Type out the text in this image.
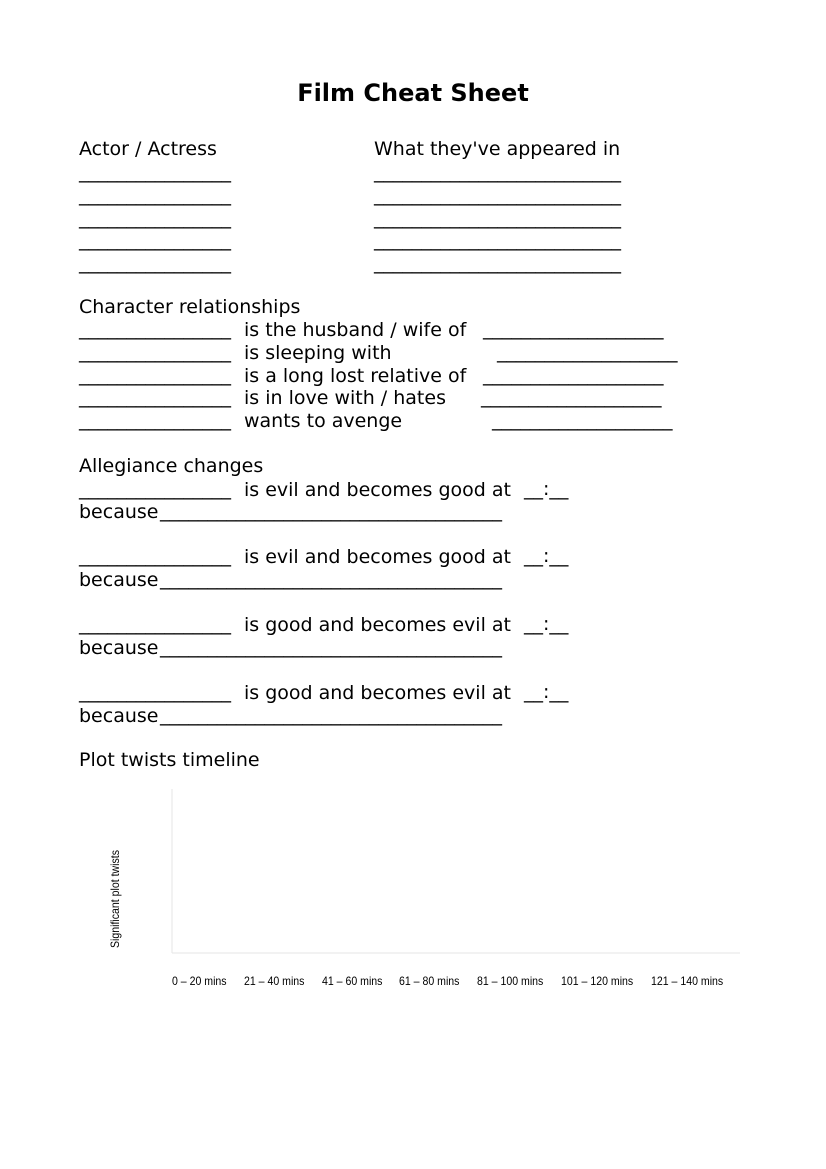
Film Cheat Sheet
Actor / Actress	What they've appeared in
________________	__________________________
________________	__________________________
________________	__________________________
________________	__________________________
________________	__________________________
Character relationships
________________ is the husband / wife of ___________________
________________ is sleeping with	___________________
________________ is a long lost relative of ___________________
________________ is in love with / hates ___________________
________________ wants to avenge	___________________
Allegiance changes
________________ is evil and becomes good at __:__
because ____________________________________
________________ is evil and becomes good at __:__
because ____________________________________
________________ is good and becomes evil at __:__
because ____________________________________
________________ is good and becomes evil at __:__
because ____________________________________
Plot twists timeline
Significant plot twists
0 – 20 mins 21 – 40 mins 41 – 60 mins 61 – 80 mins 81 – 100 mins 101 – 120 mins 121 – 140 mins
